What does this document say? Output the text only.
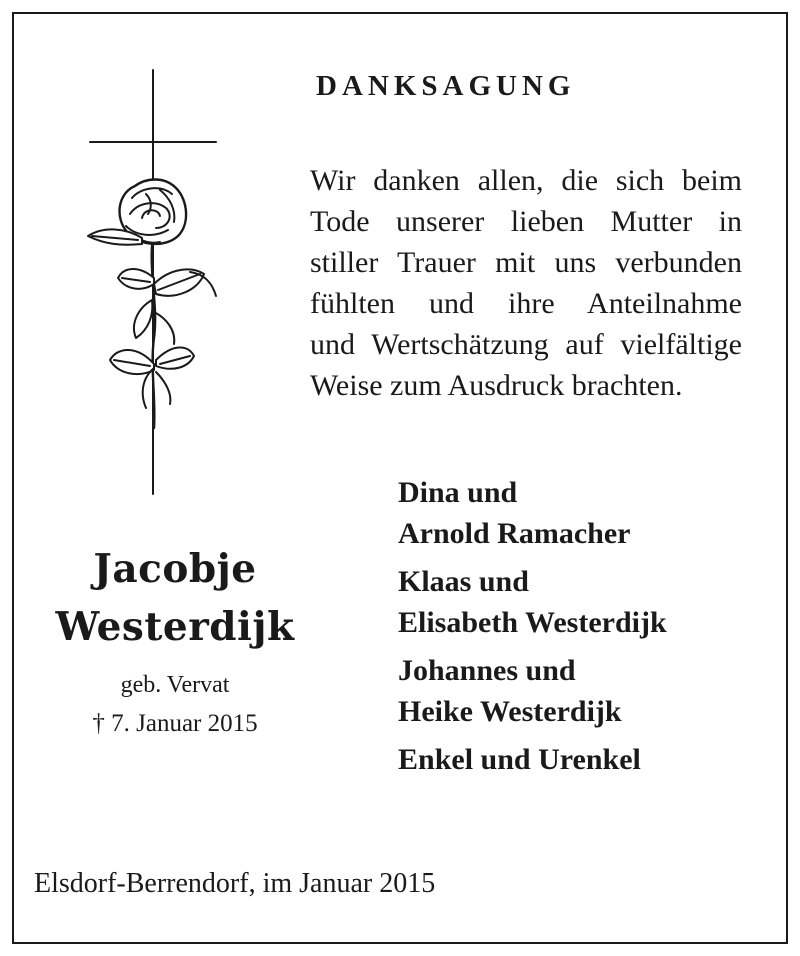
DANKSAGUNG
Wir danken allen, die sich beim
Tode unserer lieben Mutter in
stiller Trauer mit uns verbunden
fühlten und ihre Anteilnahme
und Wertschätzung auf vielfältige
Weise zum Ausdruck brachten.
Jacobje
Westerdijk
geb. Vervat
† 7. Januar 2015
Dina und
Arnold Ramacher
Klaas und
Elisabeth Westerdijk
Johannes und
Heike Westerdijk
Enkel und Urenkel
Elsdorf-Berrendorf, im Januar 2015
